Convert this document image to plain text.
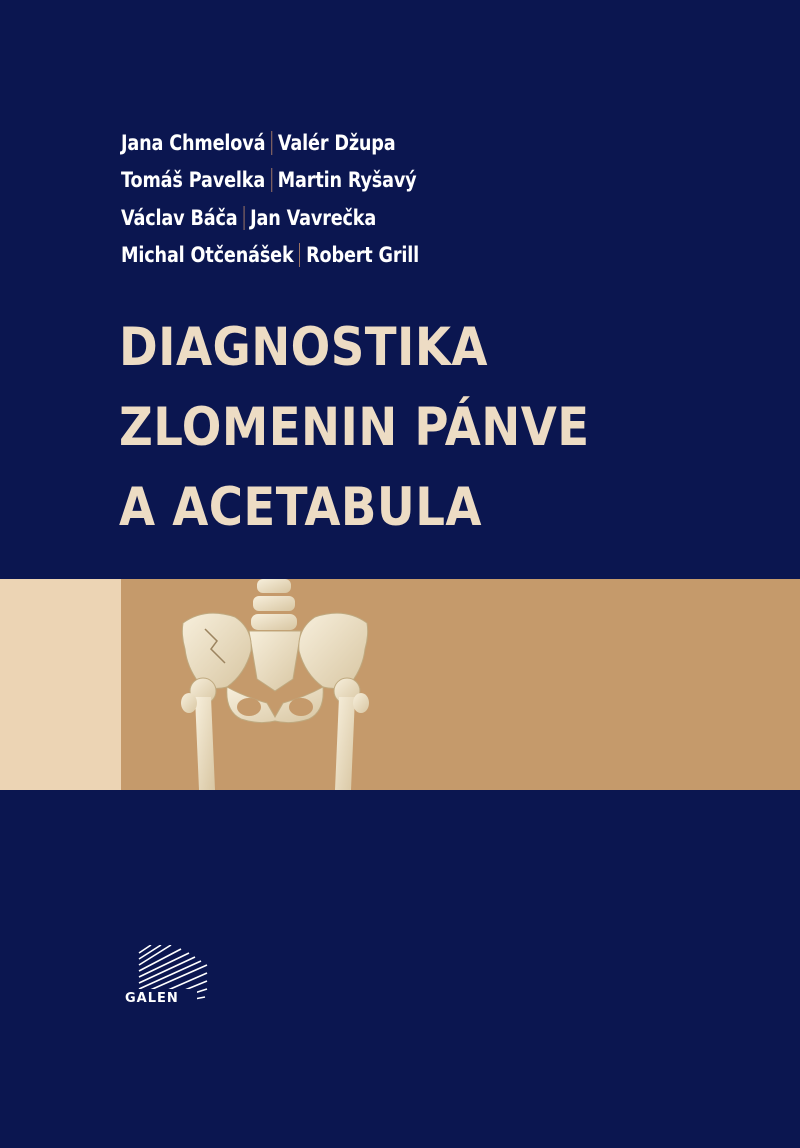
Jana Chmelová Valér Džupa
Tomáš Pavelka Martin Ryšavý
Václav Báča Jan Vavrečka
Michal Otčenášek Robert Grill
DIAGNOSTIKA
ZLOMENIN PÁNVE
A ACETABULA
GALEN
